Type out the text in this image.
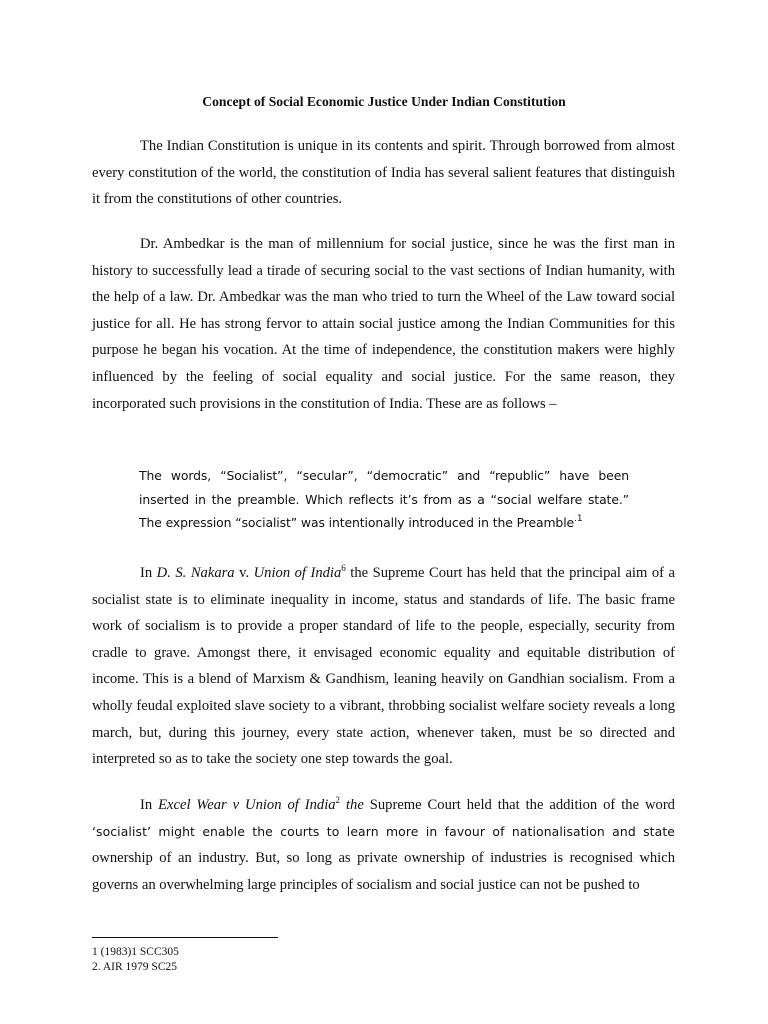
Concept of Social Economic Justice Under Indian Constitution

The Indian Constitution is unique in its contents and spirit. Through borrowed from almost every constitution of the world, the constitution of India has several salient features that distinguish it from the constitutions of other countries.

Dr. Ambedkar is the man of millennium for social justice, since he was the first man in history to successfully lead a tirade of securing social to the vast sections of Indian humanity, with the help of a law. Dr. Ambedkar was the man who tried to turn the Wheel of the Law toward social justice for all. He has strong fervor to attain social justice among the Indian Communities for this purpose he began his vocation. At the time of independence, the constitution makers were highly influenced by the feeling of social equality and social justice. For the same reason, they incorporated such provisions in the constitution of India. These are as follows –

The words, “Socialist”, “secular”, “democratic” and “republic” have been
inserted in the preamble. Which reflects it’s from as a “social welfare state.”
The expression “socialist” was intentionally introduced in the Preamble$^{.1}$

In D. S. Nakara v. Union of India$^6$ the Supreme Court has held that the principal aim of a socialist state is to eliminate inequality in income, status and standards of life. The basic frame work of socialism is to provide a proper standard of life to the people, especially, security from cradle to grave. Amongst there, it envisaged economic equality and equitable distribution of income. This is a blend of Marxism & Gandhism, leaning heavily on Gandhian socialism. From a wholly feudal exploited slave society to a vibrant, throbbing socialist welfare society reveals a long march, but, during this journey, every state action, whenever taken, must be so directed and interpreted so as to take the society one step towards the goal.

In Excel Wear v Union of India$^2$ the Supreme Court held that the addition of the word ‘socialist’ might enable the courts to learn more in favour of nationalisation and state ownership of an industry. But, so long as private ownership of industries is recognised which governs an overwhelming large principles of socialism and social justice can not be pushed to

1 (1983)1 SCC305
2. AIR 1979 SC25
